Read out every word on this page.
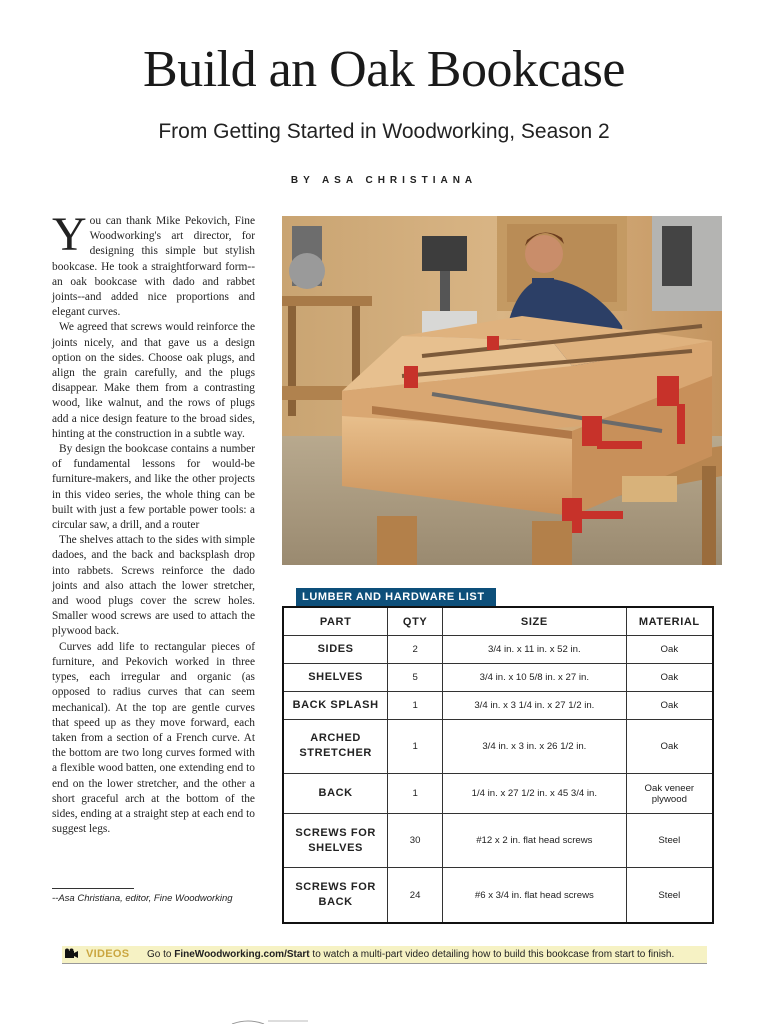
Build an Oak Bookcase
From Getting Started in Woodworking, Season 2
BY ASA CHRISTIANA

You can thank Mike Pekovich, Fine Woodworking's art director, for designing this simple but stylish bookcase. He took a straightforward form--an oak bookcase with dado and rabbet joints--and added nice proportions and elegant curves.

We agreed that screws would reinforce the joints nicely, and that gave us a design option on the sides. Choose oak plugs, and align the grain carefully, and the plugs disappear. Make them from a contrasting wood, like walnut, and the rows of plugs add a nice design feature to the broad sides, hinting at the construction in a subtle way.

By design the bookcase contains a number of fundamental lessons for would-be furniture-makers, and like the other projects in this video series, the whole thing can be built with just a few portable power tools: a circular saw, a drill, and a router

The shelves attach to the sides with simple dadoes, and the back and backsplash drop into rabbets. Screws reinforce the dado joints and also attach the lower stretcher, and wood plugs cover the screw holes. Smaller wood screws are used to attach the plywood back.

Curves add life to rectangular pieces of furniture, and Pekovich worked in three types, each irregular and organic (as opposed to radius curves that can seem mechanical). At the top are gentle curves that speed up as they move forward, each taken from a section of a French curve. At the bottom are two long curves formed with a flexible wood batten, one extending end to end on the lower stretcher, and the other a short graceful arch at the bottom of the sides, ending at a straight step at each end to suggest legs.

--Asa Christiana, editor, Fine Woodworking
LUMBER AND HARDWARE LIST
PART	QTY	SIZE	MATERIAL
SIDES	2	3/4 in. x 11 in. x 52 in.	Oak
SHELVES	5	3/4 in. x 10 5/8 in. x 27 in.	Oak
BACK SPLASH	1	3/4 in. x 3 1/4 in. x 27 1/2 in.	Oak
ARCHED STRETCHER	1	3/4 in. x 3 in. x 26 1/2 in.	Oak
BACK	1	1/4 in. x 27 1/2 in. x 45 3/4 in.	Oak veneer plywood
SCREWS FOR SHELVES	30	#12 x 2 in. flat head screws	Steel
SCREWS FOR BACK	24	#6 x 3/4 in. flat head screws	Steel
VIDEOS Go to FineWoodworking.com/Start to watch a multi-part video detailing how to build this bookcase from start to finish.
